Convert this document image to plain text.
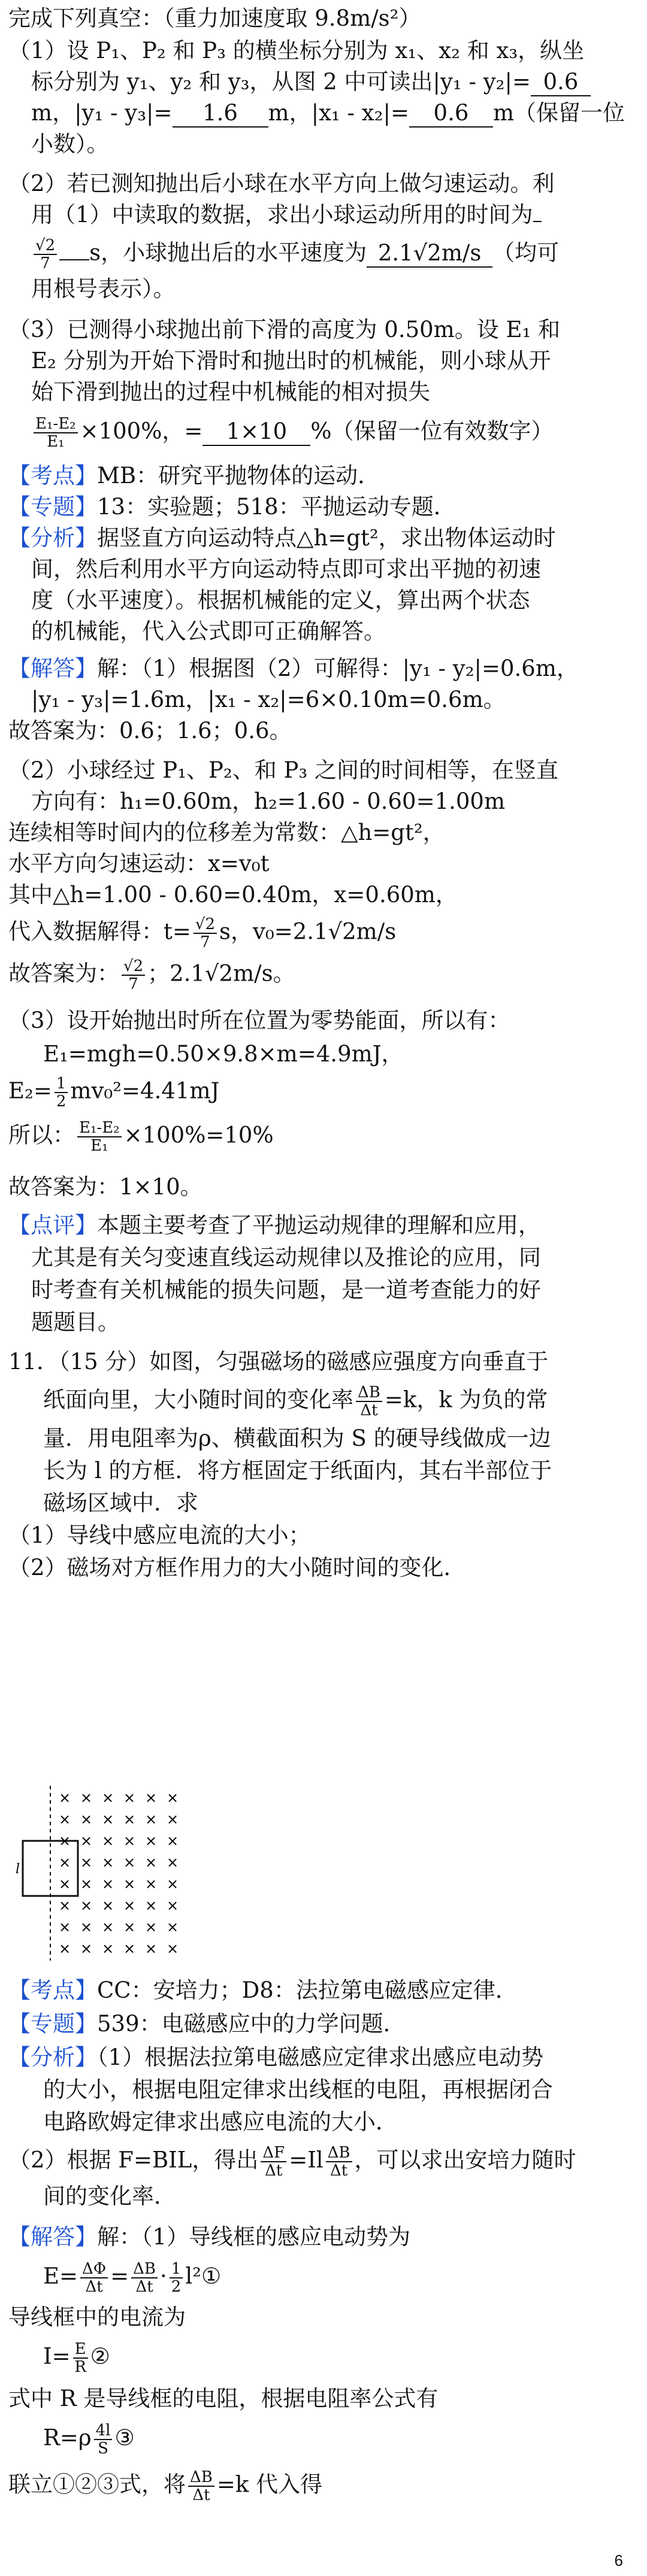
完成下列真空：（重力加速度取 9.8m/s²）
（1）设 P₁、P₂ 和 P₃ 的横坐标分别为 x₁、x₂ 和 x₃，纵坐
标分别为 y₁、y₂ 和 y₃，从图 2 中可读出|y₁ - y₂|= 0.6
m，|y₁ - y₃|= 1.6 m，|x₁ - x₂|= 0.6 m（保留一位
小数）。
（2）若已测知抛出后小球在水平方向上做匀速运动。利
用（1）中读取的数据，求出小球运动所用的时间为
$\frac{√2}{7}$ s，小球抛出后的水平速度为 2.1√2m/s （均可
用根号表示）。
（3）已测得小球抛出前下滑的高度为 0.50m。设 E₁ 和
E₂ 分别为开始下滑时和抛出时的机械能，则小球从开
始下滑到抛出的过程中机械能的相对损失
$\frac{\text{E₁-E₂}}{\text{E₁}} \times 100\%$，= 1×10 %（保留一位有效数字）
【考点】MB：研究平抛物体的运动．
【专题】13：实验题；518：平抛运动专题．
【分析】据竖直方向运动特点△h=gt²，求出物体运动时
间，然后利用水平方向运动特点即可求出平抛的初速
度（水平速度）。根据机械能的定义，算出两个状态
的机械能，代入公式即可正确解答。
【解答】解：（1）根据图（2）可解得：|y₁ - y₂|=0.6m，
|y₁ - y₃|=1.6m，|x₁ - x₂|=6×0.10m=0.6m。
故答案为：0.6；1.6；0.6。
（2）小球经过 P₁、P₂、和 P₃ 之间的时间相等，在竖直
方向有：h₁=0.60m，h₂=1.60 - 0.60=1.00m
连续相等时间内的位移差为常数：△h=gt²，
水平方向匀速运动：x=v₀t
其中△h=1.00 - 0.60=0.40m，x=0.60m，
代入数据解得：$t= \frac{√2}{7}$ s，v₀=2.1√2m/s
故答案为： $\frac{√2}{7}$ ；2.1√2m/s。
（3）设开始抛出时所在位置为零势能面，所以有：
E₁=mgh=0.50×9.8×m=4.9mJ，
$E_2= \frac{1}{2} mv_0^2=4.41mJ$
所以： $\frac{\text{E₁-E₂}}{\text{E₁}} \times 100\%=10\%$
故答案为：1×10。
【点评】本题主要考查了平抛运动规律的理解和应用，
尤其是有关匀变速直线运动规律以及推论的应用，同
时考查有关机械能的损失问题，是一道考查能力的好
题题目。
11．（15 分）如图，匀强磁场的磁感应强度方向垂直于
纸面向里，大小随时间的变化率 $\frac{\Delta B}{\Delta t} =k$，k 为负的常
量．用电阻率为ρ、横截面积为 S 的硬导线做成一边
长为 l 的方框．将方框固定于纸面内，其右半部位于
磁场区域中．求
（1）导线中感应电流的大小；
（2）磁场对方框作用力的大小随时间的变化．
l
× × × × × ×
× × × × × ×
× × × × × ×
× × × × × ×
× × × × × ×
× × × × × ×
× × × × × ×
× × × × × ×
【考点】CC：安培力；D8：法拉第电磁感应定律．
【专题】539：电磁感应中的力学问题．
【分析】（1）根据法拉第电磁感应定律求出感应电动势
的大小，根据电阻定律求出线框的电阻，再根据闭合
电路欧姆定律求出感应电流的大小．
（2）根据 F=BIL，得出 $\frac{\Delta F}{\Delta t} =Il \frac{\Delta B}{\Delta t}$ ，可以求出安培力随时
间的变化率．
【解答】解：（1）导线框的感应电动势为
$E= \frac{\Delta\Phi}{\Delta t} = \frac{\Delta B}{\Delta t} \cdot \frac{1}{2}$ l²①
导线框中的电流为
$I= \frac{E}{R}$ ②
式中 R 是导线框的电阻，根据电阻率公式有
$R=\rho \frac{4l}{S}$ ③
联立①②③式，将 $\frac{\Delta B}{\Delta t} =k$ 代入得
6
